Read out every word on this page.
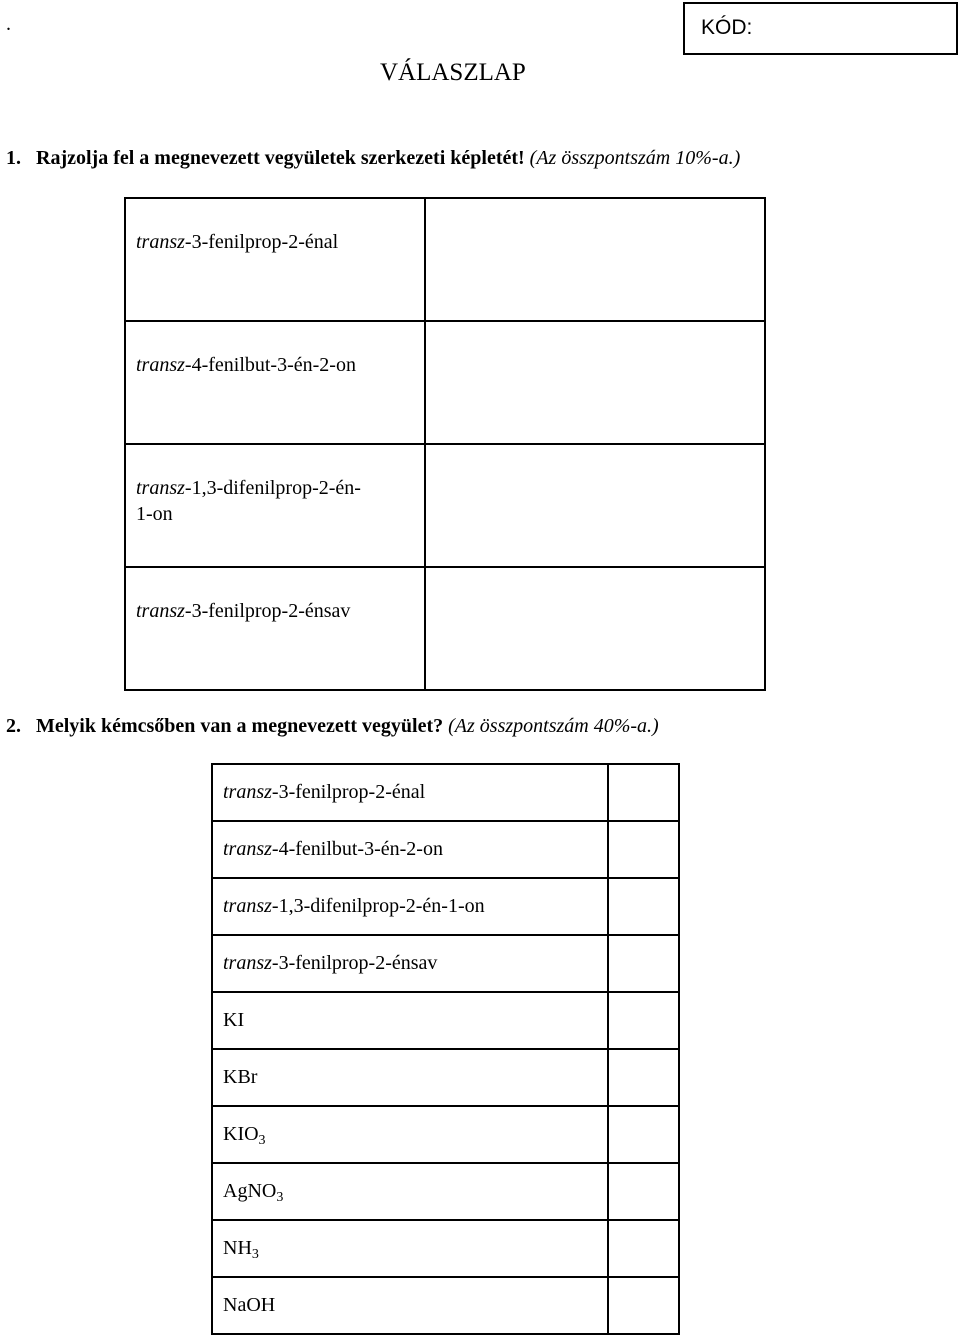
.	KÓD:
VÁLASZLAP
1. Rajzolja fel a megnevezett vegyületek szerkezeti képletét! (Az összpontszám 10%-a.)
transz-3-fenilprop-2-énal	

transz-4-fenilbut-3-én-2-on	

transz-1,3-difenilprop-2-én-
1-on	

transz-3-fenilprop-2-énsav	

2. Melyik kémcsőben van a megnevezett vegyület? (Az összpontszám 40%-a.)
transz-3-fenilprop-2-énal	
transz-4-fenilbut-3-én-2-on	
transz-1,3-difenilprop-2-én-1-on	
transz-3-fenilprop-2-énsav	
KI	
KBr	
$KIO_3$	
AgNO$_3$	
$NH_3$	
NaOH	
